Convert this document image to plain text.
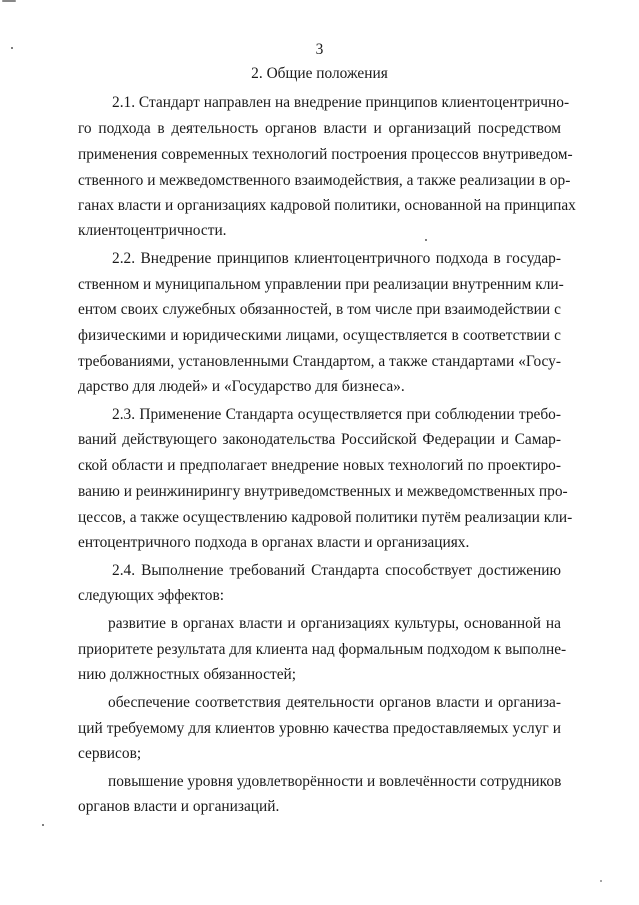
3
2. Общие положения
2.1. Стандарт направлен на внедрение принципов клиентоцентрично-
го подхода в деятельность органов власти и организаций посредством
применения современных технологий построения процессов внутриведом-
ственного и межведомственного взаимодействия, а также реализации в ор-
ганах власти и организациях кадровой политики, основанной на принципах
клиентоцентричности.
2.2. Внедрение принципов клиентоцентричного подхода в государ-
ственном и муниципальном управлении при реализации внутренним кли-
ентом своих служебных обязанностей, в том числе при взаимодействии с
физическими и юридическими лицами, осуществляется в соответствии с
требованиями, установленными Стандартом, а также стандартами «Госу-
дарство для людей» и «Государство для бизнеса».
2.3. Применение Стандарта осуществляется при соблюдении требо-
ваний действующего законодательства Российской Федерации и Самар-
ской области и предполагает внедрение новых технологий по проектиро-
ванию и реинжинирингу внутриведомственных и межведомственных про-
цессов, а также осуществлению кадровой политики путём реализации кли-
ентоцентричного подхода в органах власти и организациях.
2.4. Выполнение требований Стандарта способствует достижению
следующих эффектов:
развитие в органах власти и организациях культуры, основанной на
приоритете результата для клиента над формальным подходом к выполне-
нию должностных обязанностей;
обеспечение соответствия деятельности органов власти и организа-
ций требуемому для клиентов уровню качества предоставляемых услуг и
сервисов;
повышение уровня удовлетворённости и вовлечённости сотрудников
органов власти и организаций.
